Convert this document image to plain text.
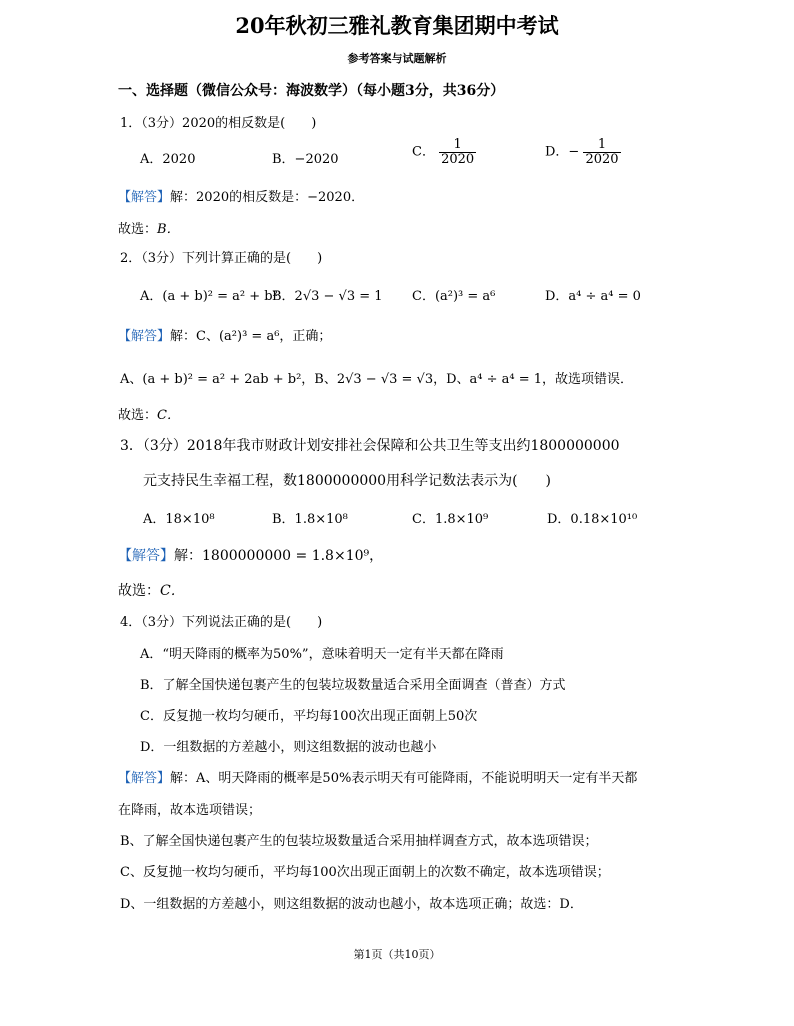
20年秋初三雅礼教育集团期中考试
参考答案与试题解析
一、选择题（微信公众号：海波数学）（每小题3分，共36分）
1．（3分）2020的相反数是(　　)
A．2020	B．−2020	C． $\frac{1}{2020}$	D．− $\frac{1}{2020}$
【解答】解：2020的相反数是：−2020．
故选：B．
2．（3分）下列计算正确的是(　　)
A．(a + b)² = a² + b²
B．2√3 − √3 = 1 C．(a²)³ = a⁶	D．a⁴ ÷ a⁴ = 0
【解答】解：C、(a²)³ = a⁶，正确；
A、(a + b)² = a² + 2ab + b²，B、2√3 − √3 = √3，D、a⁴ ÷ a⁴ = 1，故选项错误．
故选：C．
3．（3分）2018年我市财政计划安排社会保障和公共卫生等支出约1800000000
元支持民生幸福工程，数1800000000用科学记数法表示为(　　)
A．18×10⁸	B．1.8×10⁸	C．1.8×10⁹	D．0.18×10¹⁰
【解答】解：1800000000 = 1.8×10⁹，
故选：C．
4．（3分）下列说法正确的是(　　)
A．“明天降雨的概率为50%”，意味着明天一定有半天都在降雨
B．了解全国快递包裹产生的包装垃圾数量适合采用全面调查（普查）方式
C．反复抛一枚均匀硬币，平均每100次出现正面朝上50次
D．一组数据的方差越小，则这组数据的波动也越小
【解答】解：A、明天降雨的概率是50%表示明天有可能降雨，不能说明明天一定有半天都
在降雨，故本选项错误；
B、了解全国快递包裹产生的包装垃圾数量适合采用抽样调查方式，故本选项错误；
C、反复抛一枚均匀硬币，平均每100次出现正面朝上的次数不确定，故本选项错误；
D、一组数据的方差越小，则这组数据的波动也越小，故本选项正确；故选：D．
第1页（共10页）
